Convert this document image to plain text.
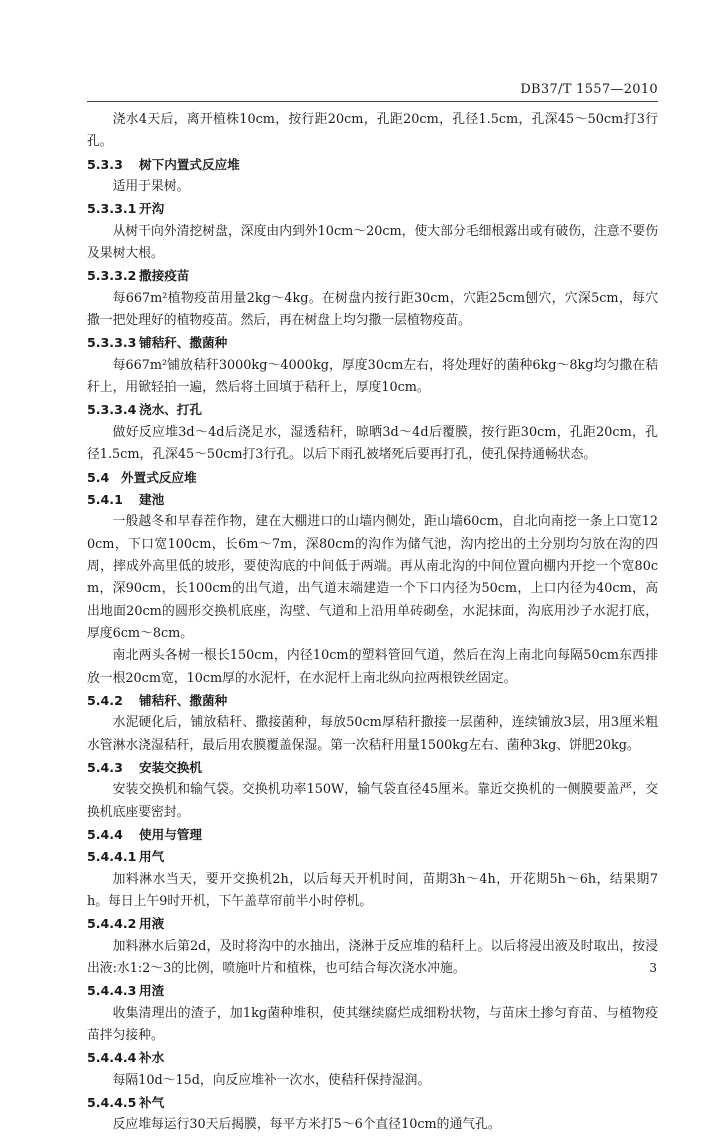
DB37/T 1557—2010

浇水4天后，离开植株10cm，按行距20cm，孔距20cm，孔径1.5cm，孔深45～50cm打3行孔。

5.3.3 树下内置式反应堆

适用于果树。

5.3.3.1 开沟

从树干向外清挖树盘，深度由内到外10cm～20cm，使大部分毛细根露出或有破伤，注意不要伤及果树大根。

5.3.3.2 撒接疫苗

每667m²植物疫苗用量2kg～4kg。在树盘内按行距30cm，穴距25cm刨穴，穴深5cm，每穴撒一把处理好的植物疫苗。然后，再在树盘上均匀撒一层植物疫苗。

5.3.3.3 铺秸秆、撒菌种

每667m²铺放秸秆3000kg～4000kg，厚度30cm左右，将处理好的菌种6kg～8kg均匀撒在秸秆上，用锨轻拍一遍，然后将土回填于秸秆上，厚度10cm。

5.3.3.4 浇水、打孔

做好反应堆3d～4d后浇足水，湿透秸秆，晾晒3d～4d后覆膜，按行距30cm，孔距20cm，孔径1.5cm，孔深45～50cm打3行孔。以后下雨孔被堵死后要再打孔，使孔保持通畅状态。

5.4 外置式反应堆
5.4.1 建池

一般越冬和早春茬作物，建在大棚进口的山墙内侧处，距山墙60cm，自北向南挖一条上口宽120cm，下口宽100cm，长6m～7m，深80cm的沟作为储气池，沟内挖出的土分别均匀放在沟的四周，摔成外高里低的坡形，要使沟底的中间低于两端。再从南北沟的中间位置向棚内开挖一个宽80cm，深90cm，长100cm的出气道，出气道末端建造一个下口内径为50cm，上口内径为40cm，高出地面20cm的圆形交换机底座，沟壁、气道和上沿用单砖砌垒，水泥抹面，沟底用沙子水泥打底，厚度6cm～8cm。

南北两头各树一根长150cm，内径10cm的塑料管回气道，然后在沟上南北向每隔50cm东西排放一根20cm宽，10cm厚的水泥杆，在水泥杆上南北纵向拉两根铁丝固定。

5.4.2 铺秸秆、撒菌种

水泥硬化后，铺放秸秆、撒接菌种，每放50cm厚秸秆撒接一层菌种，连续铺放3层，用3厘米粗水管淋水浇湿秸秆，最后用农膜覆盖保湿。第一次秸秆用量1500kg左右、菌种3kg、饼肥20kg。

5.4.3 安装交换机

安装交换机和输气袋。交换机功率150W，输气袋直径45厘米。靠近交换机的一侧膜要盖严，交换机底座要密封。

5.4.4 使用与管理
5.4.4.1 用气

加料淋水当天，要开交换机2h，以后每天开机时间，苗期3h～4h，开花期5h～6h，结果期7h。每日上午9时开机，下午盖草帘前半小时停机。

5.4.4.2 用液

加料淋水后第2d，及时将沟中的水抽出，浇淋于反应堆的秸秆上。以后将浸出液及时取出，按浸出液:水1:2～3的比例，喷施叶片和植株，也可结合每次浇水冲施。

5.4.4.3 用渣

收集清理出的渣子，加1kg菌种堆积，使其继续腐烂成细粉状物，与苗床土掺匀育苗、与植物疫苗拌匀接种。

5.4.4.4 补水

每隔10d～15d，向反应堆补一次水，使秸秆保持湿润。

5.4.4.5 补气

反应堆每运行30天后揭膜，每平方米打5～6个直径10cm的通气孔。

3
